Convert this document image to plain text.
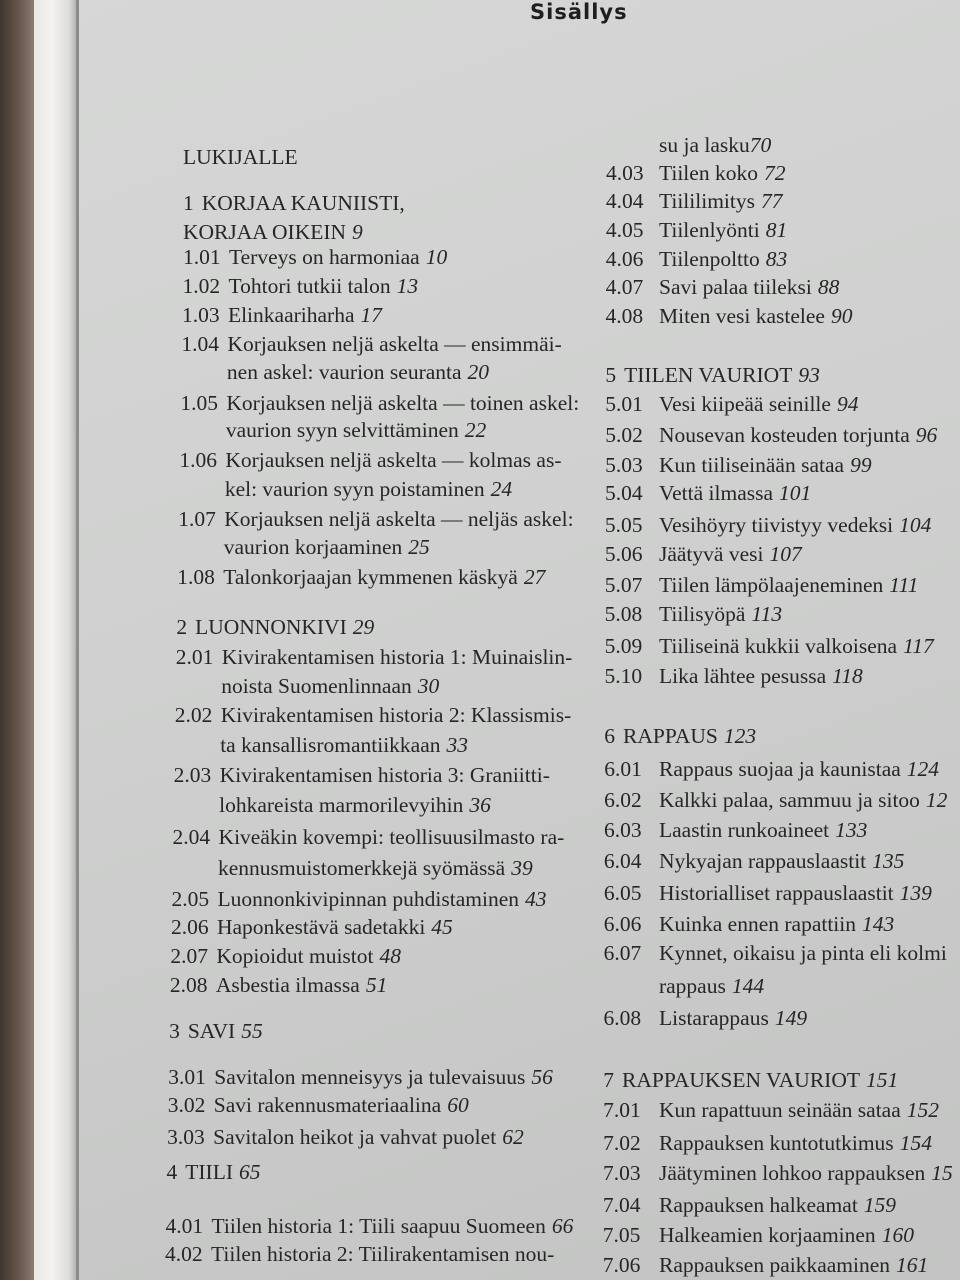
Sisällys
LUKIJALLE
1 KORJAA KAUNIISTI,
KORJAA OIKEIN 9
1.01 Terveys on harmoniaa 10
1.02 Tohtori tutkii talon 13
1.03 Elinkaariharha 17
1.04 Korjauksen neljä askelta — ensimmäi-
nen askel: vaurion seuranta 20
1.05 Korjauksen neljä askelta — toinen askel:
vaurion syyn selvittäminen 22
1.06 Korjauksen neljä askelta — kolmas as-
kel: vaurion syyn poistaminen 24
1.07 Korjauksen neljä askelta — neljäs askel:
vaurion korjaaminen 25
1.08 Talonkorjaajan kymmenen käskyä 27
2 LUONNONKIVI 29
2.01 Kivirakentamisen historia 1: Muinaislin-
noista Suomenlinnaan 30
2.02 Kivirakentamisen historia 2: Klassismis-
ta kansallisromantiikkaan 33
2.03 Kivirakentamisen historia 3: Graniitti-
lohkareista marmorilevyihin 36
2.04 Kiveäkin kovempi: teollisuusilmasto ra-
kennusmuistomerkkejä syömässä 39
2.05 Luonnonkivipinnan puhdistaminen 43
2.06 Haponkestävä sadetakki 45
2.07 Kopioidut muistot 48
2.08 Asbestia ilmassa 51
3 SAVI 55
3.01 Savitalon menneisyys ja tulevaisuus 56
3.02 Savi rakennusmateriaalina 60
3.03 Savitalon heikot ja vahvat puolet 62
4 TIILI 65
4.01 Tiilen historia 1: Tiili saapuu Suomeen 66
4.02 Tiilen historia 2: Tiilirakentamisen nou-
su ja lasku70
4.03 Tiilen koko 72
4.04 Tiililimitys 77
4.05 Tiilenlyönti 81
4.06 Tiilenpoltto 83
4.07 Savi palaa tiileksi 88
4.08 Miten vesi kastelee 90
5 TIILEN VAURIOT 93
5.01 Vesi kiipeää seinille 94
5.02 Nousevan kosteuden torjunta 96
5.03 Kun tiiliseinään sataa 99
5.04 Vettä ilmassa 101
5.05 Vesihöyry tiivistyy vedeksi 104
5.06 Jäätyvä vesi 107
5.07 Tiilen lämpölaajeneminen 111
5.08 Tiilisyöpä 113
5.09 Tiiliseinä kukkii valkoisena 117
5.10 Lika lähtee pesussa 118
6 RAPPAUS 123
6.01 Rappaus suojaa ja kaunistaa 124
6.02 Kalkki palaa, sammuu ja sitoo 12
6.03 Laastin runkoaineet 133
6.04 Nykyajan rappauslaastit 135
6.05 Historialliset rappauslaastit 139
6.06 Kuinka ennen rapattiin 143
6.07 Kynnet, oikaisu ja pinta eli kolmi
rappaus 144
6.08 Listarappaus 149
7 RAPPAUKSEN VAURIOT 151
7.01 Kun rapattuun seinään sataa 152
7.02 Rappauksen kuntotutkimus 154
7.03 Jäätyminen lohkoo rappauksen 15
7.04 Rappauksen halkeamat 159
7.05 Halkeamien korjaaminen 160
7.06 Rappauksen paikkaaminen 161
